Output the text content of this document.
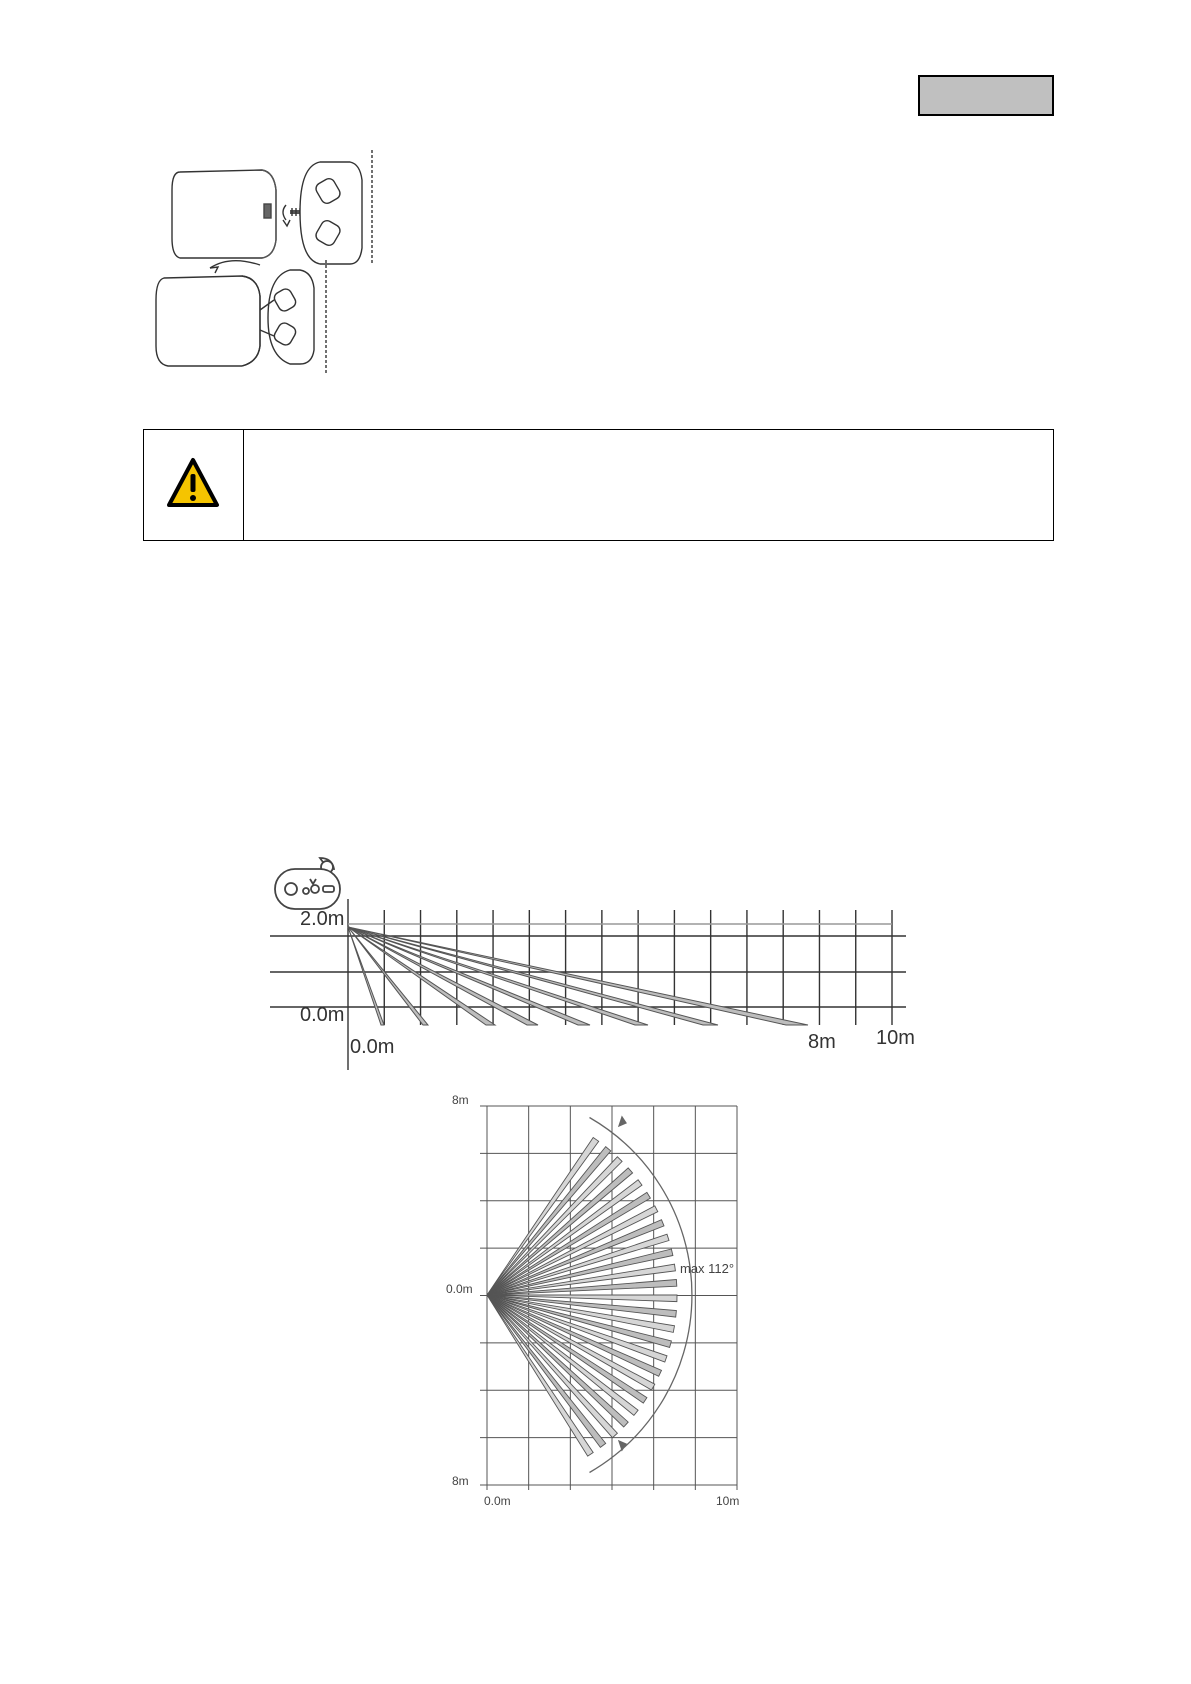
2.0m
0.0m
0.0m	8m 10m
max 112°
8m
0.0m
8m
0.0m	10m
